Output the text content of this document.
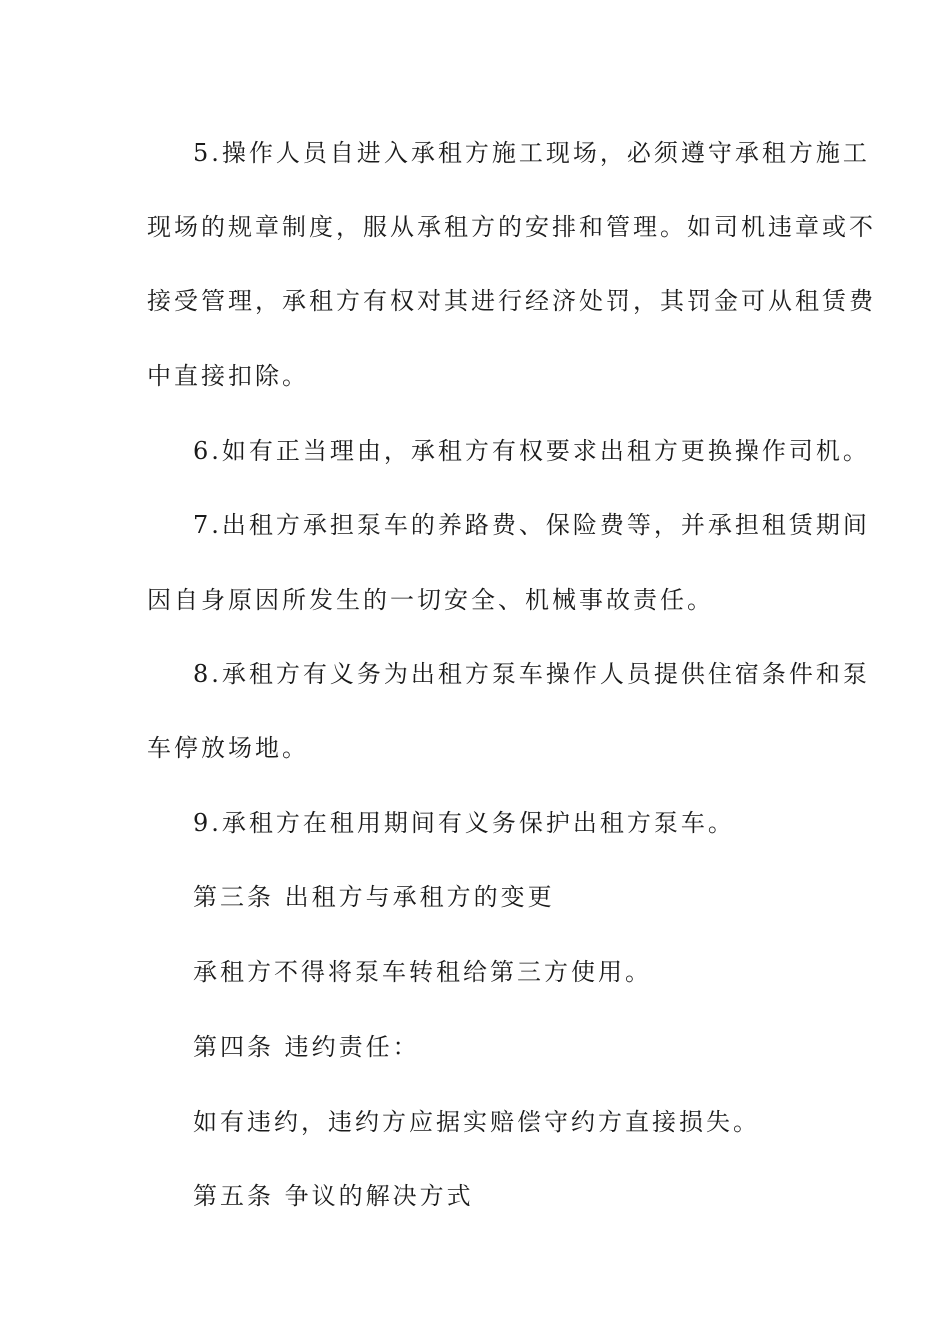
5.操作人员自进入承租方施工现场，必须遵守承租方施工
现场的规章制度，服从承租方的安排和管理。如司机违章或不
接受管理，承租方有权对其进行经济处罚，其罚金可从租赁费
中直接扣除。
6.如有正当理由，承租方有权要求出租方更换操作司机。
7.出租方承担泵车的养路费、保险费等，并承担租赁期间
因自身原因所发生的一切安全、机械事故责任。
8.承租方有义务为出租方泵车操作人员提供住宿条件和泵
车停放场地。
9.承租方在租用期间有义务保护出租方泵车。
第三条 出租方与承租方的变更
承租方不得将泵车转租给第三方使用。
第四条 违约责任：
如有违约，违约方应据实赔偿守约方直接损失。
第五条 争议的解决方式
